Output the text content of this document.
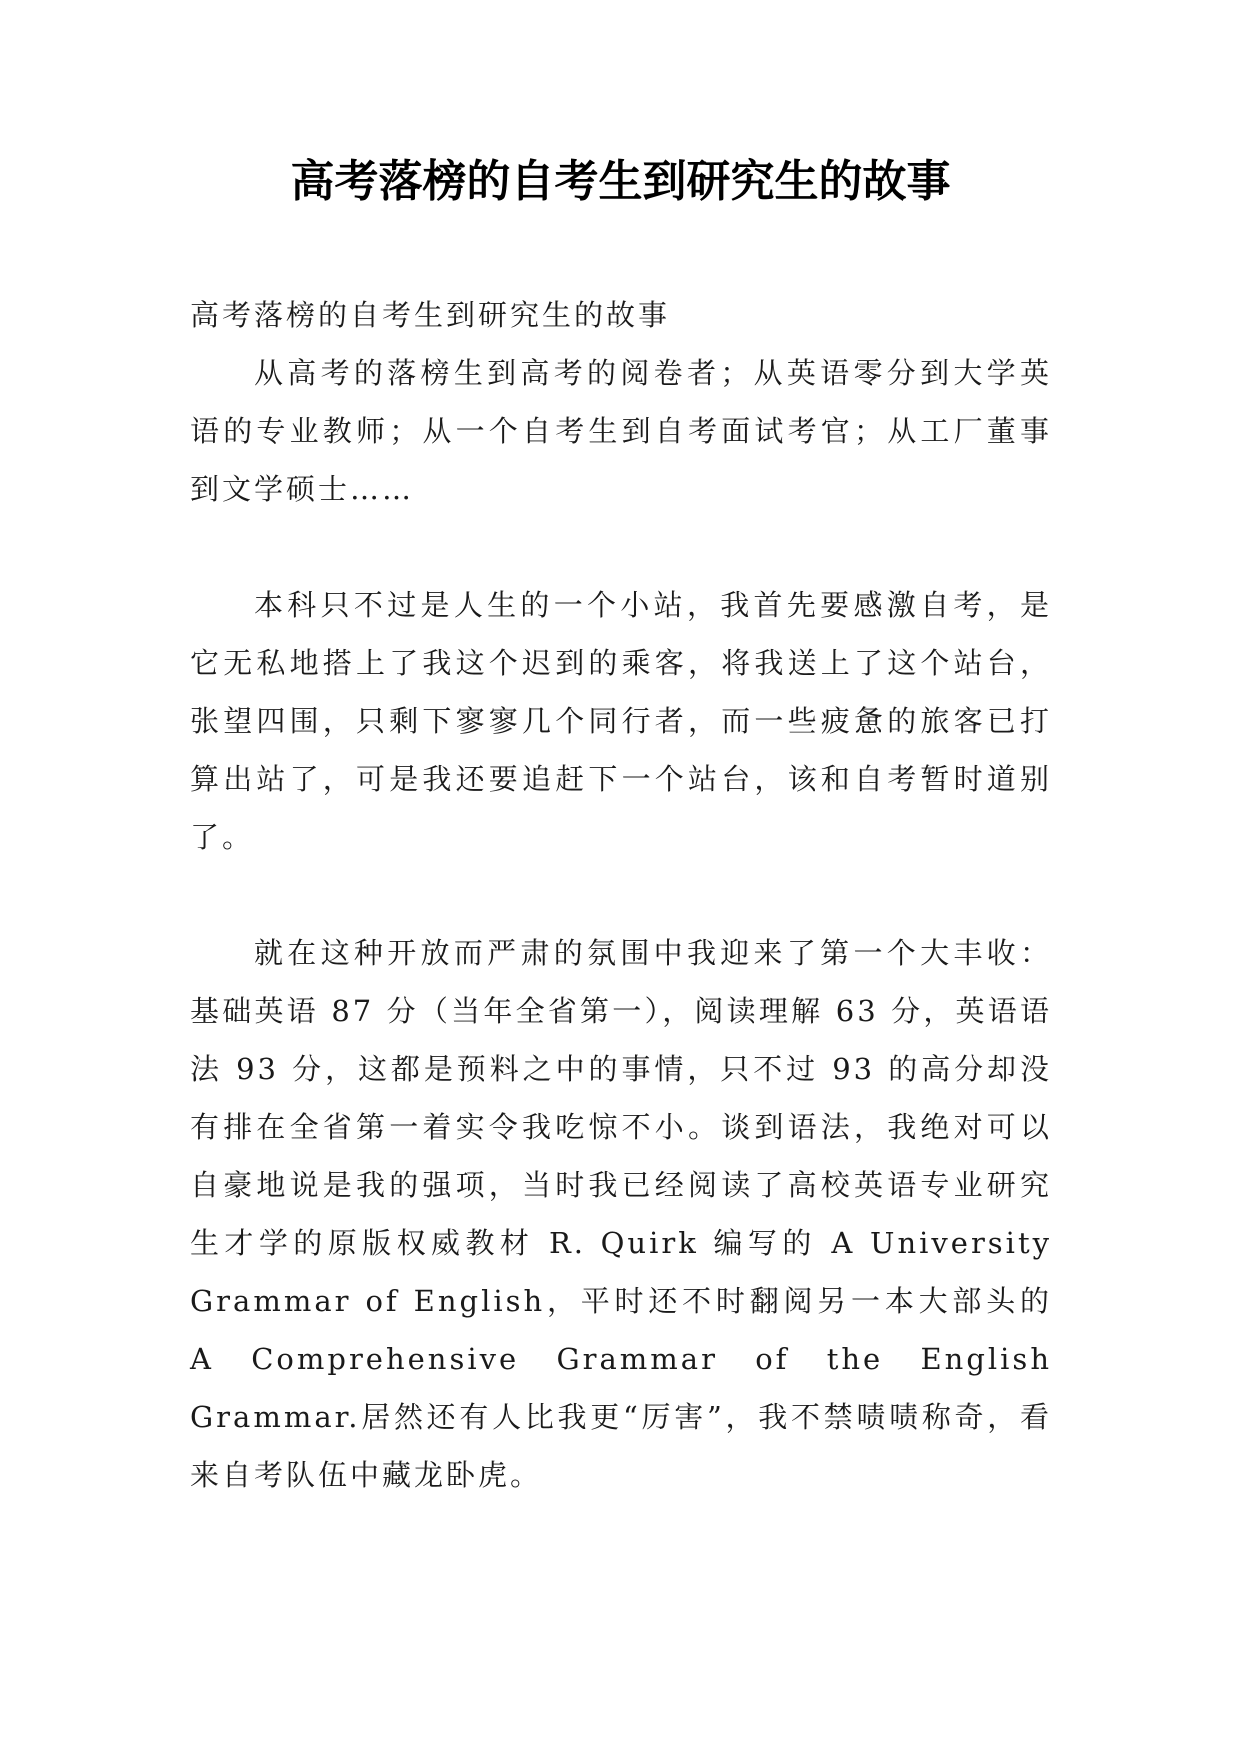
高考落榜的自考生到研究生的故事

高考落榜的自考生到研究生的故事

从高考的落榜生到高考的阅卷者；从英语零分到大学英语的专业教师；从一个自考生到自考面试考官；从工厂董事到文学硕士……

本科只不过是人生的一个小站，我首先要感激自考，是它无私地搭上了我这个迟到的乘客，将我送上了这个站台，张望四围，只剩下寥寥几个同行者，而一些疲惫的旅客已打算出站了，可是我还要追赶下一个站台，该和自考暂时道别了。

就在这种开放而严肃的氛围中我迎来了第一个大丰收：基础英语 87 分（当年全省第一），阅读理解 63 分，英语语法 93 分，这都是预料之中的事情，只不过 93 的高分却没有排在全省第一着实令我吃惊不小。谈到语法，我绝对可以自豪地说是我的强项，当时我已经阅读了高校英语专业研究生才学的原版权威教材 R. Quirk 编写的 A University Grammar of English，平时还不时翻阅另一本大部头的 A Comprehensive Grammar of the English Grammar.居然还有人比我更“厉害”，我不禁啧啧称奇，看来自考队伍中藏龙卧虎。
